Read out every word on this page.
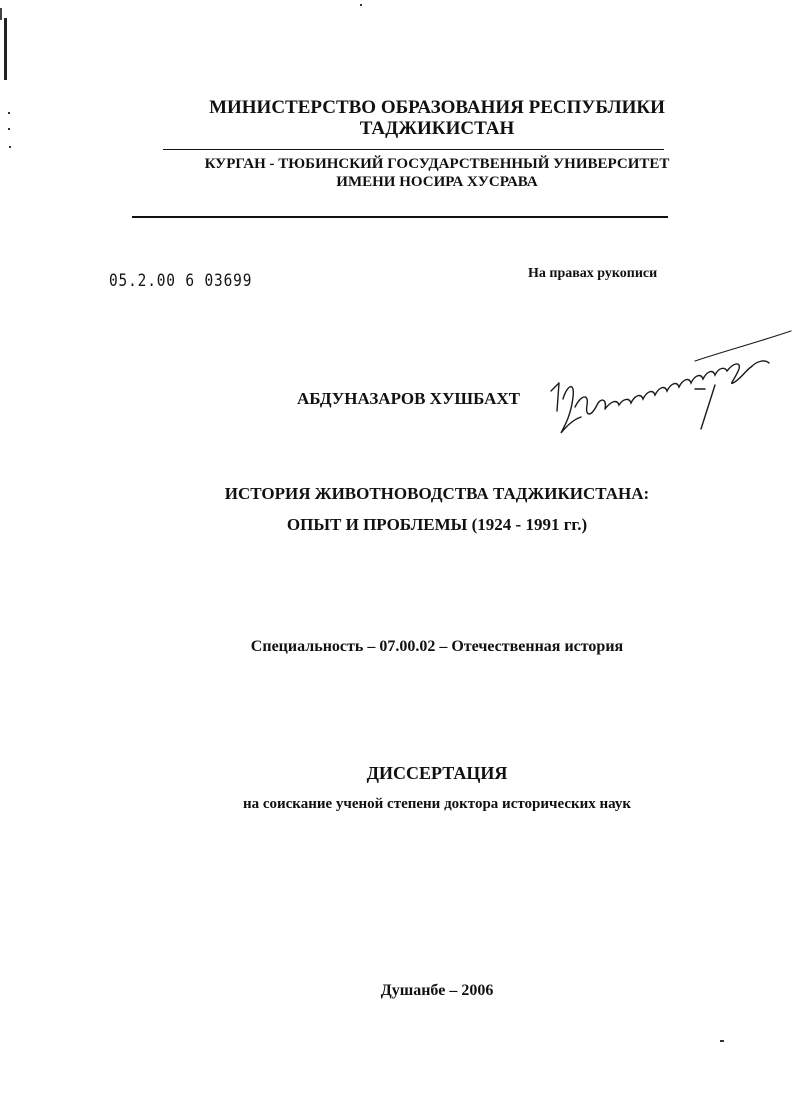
МИНИСТЕРСТВО ОБРАЗОВАНИЯ РЕСПУБЛИКИ
ТАДЖИКИСТАН
КУРГАН - ТЮБИНСКИЙ ГОСУДАРСТВЕННЫЙ УНИВЕРСИТЕТ
ИМЕНИ НОСИРА ХУСРАВА
05.2.00 6 03699	На правах рукописи
АБДУНАЗАРОВ ХУШБАХТ
ИСТОРИЯ ЖИВОТНОВОДСТВА ТАДЖИКИСТАНА:
ОПЫТ И ПРОБЛЕМЫ (1924 - 1991 гг.)
Специальность – 07.00.02 – Отечественная история
ДИССЕРТАЦИЯ
на соискание ученой степени доктора исторических наук
Душанбе – 2006
